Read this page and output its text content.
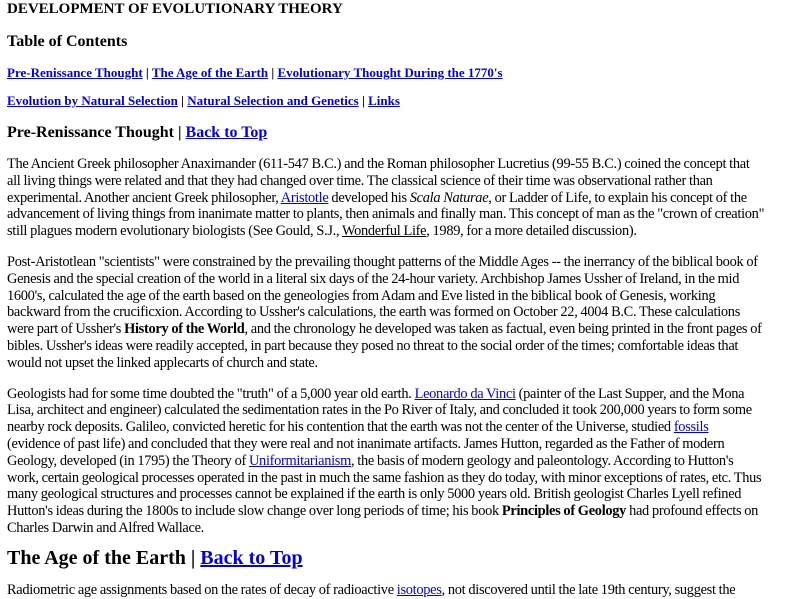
DEVELOPMENT OF EVOLUTIONARY THEORY
Table of Contents
Pre-Renissance Thought | The Age of the Earth | Evolutionary Thought During the 1770's
Evolution by Natural Selection | Natural Selection and Genetics | Links
Pre-Renissance Thought | Back to Top

The Ancient Greek philosopher Anaximander (611-547 B.C.) and the Roman philosopher Lucretius (99-55 B.C.) coined the concept that
all living things were related and that they had changed over time. The classical science of their time was observational rather than
experimental. Another ancient Greek philosopher, Aristotle developed his Scala Naturae, or Ladder of Life, to explain his concept of the
advancement of living things from inanimate matter to plants, then animals and finally man. This concept of man as the "crown of creation"
still plagues modern evolutionary biologists (See Gould, S.J., Wonderful Life, 1989, for a more detailed discussion).

Post-Aristotlean "scientists" were constrained by the prevailing thought patterns of the Middle Ages -- the inerrancy of the biblical book of
Genesis and the special creation of the world in a literal six days of the 24-hour variety. Archbishop James Ussher of Ireland, in the mid
1600's, calculated the age of the earth based on the geneologies from Adam and Eve listed in the biblical book of Genesis, working
backward from the crucificxion. According to Ussher's calculations, the earth was formed on October 22, 4004 B.C. These calculations
were part of Ussher's History of the World, and the chronology he developed was taken as factual, even being printed in the front pages of
bibles. Ussher's ideas were readily accepted, in part because they posed no threat to the social order of the times; comfortable ideas that
would not upset the linked applecarts of church and state.

Geologists had for some time doubted the "truth" of a 5,000 year old earth. Leonardo da Vinci (painter of the Last Supper, and the Mona
Lisa, architect and engineer) calculated the sedimentation rates in the Po River of Italy, and concluded it took 200,000 years to form some
nearby rock deposits. Galileo, convicted heretic for his contention that the earth was not the center of the Universe, studied fossils
(evidence of past life) and concluded that they were real and not inanimate artifacts. James Hutton, regarded as the Father of modern
Geology, developed (in 1795) the Theory of Uniformitarianism, the basis of modern geology and paleontology. According to Hutton's
work, certain geological processes operated in the past in much the same fashion as they do today, with minor exceptions of rates, etc. Thus
many geological structures and processes cannot be explained if the earth is only 5000 years old. British geologist Charles Lyell refined
Hutton's ideas during the 1800s to include slow change over long periods of time; his book Principles of Geology had profound effects on
Charles Darwin and Alfred Wallace.

The Age of the Earth | Back to Top

Radiometric age assignments based on the rates of decay of radioactive isotopes, not discovered until the late 19th century, suggest the
